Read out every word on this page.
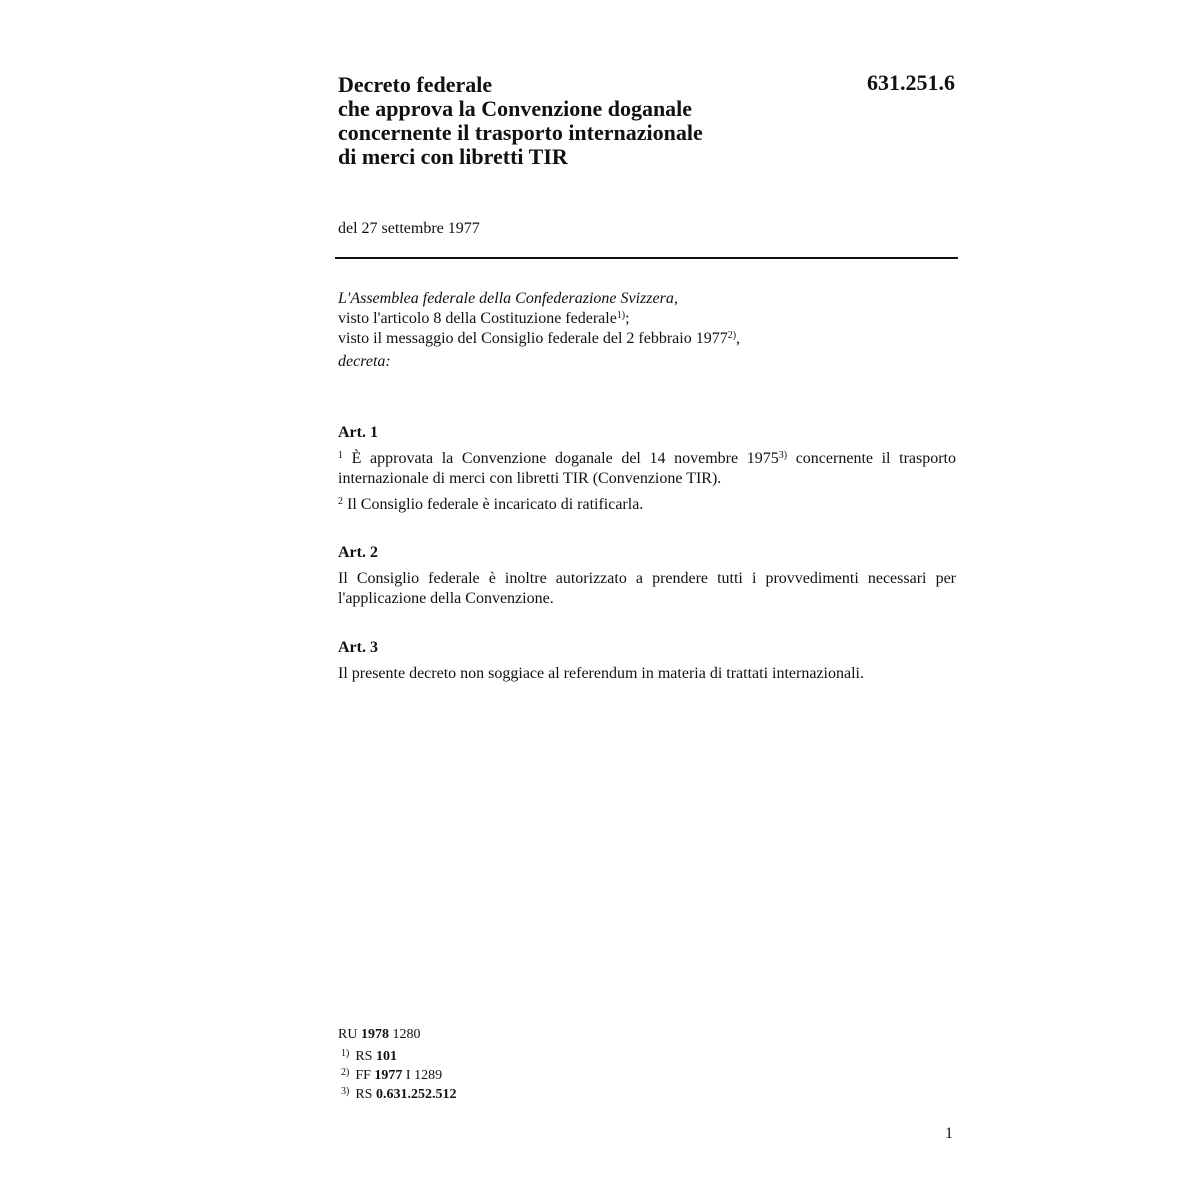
Decreto federale
che approva la Convenzione doganale
concernente il trasporto internazionale
di merci con libretti TIR
631.251.6
del 27 settembre 1977
L'Assemblea federale della Confederazione Svizzera,
visto l'articolo 8 della Costituzione federale$^{1)}$;
visto il messaggio del Consiglio federale del 2 febbraio 1977$^{2)}$,
decreta:
Art. 1

$^1$ È approvata la Convenzione doganale del 14 novembre 1975$^{3)}$ concernente il trasporto internazionale di merci con libretti TIR (Convenzione TIR).

$^2$ Il Consiglio federale è incaricato di ratificarla.

Art. 2

Il Consiglio federale è inoltre autorizzato a prendere tutti i provvedimenti necessari per l'applicazione della Convenzione.

Art. 3

Il presente decreto non soggiace al referendum in materia di trattati internazionali.

RU 1978 1280
$^{1)}$ RS 101
$^{2)}$ FF 1977 I 1289
$^{3)}$ RS 0.631.252.512
1
